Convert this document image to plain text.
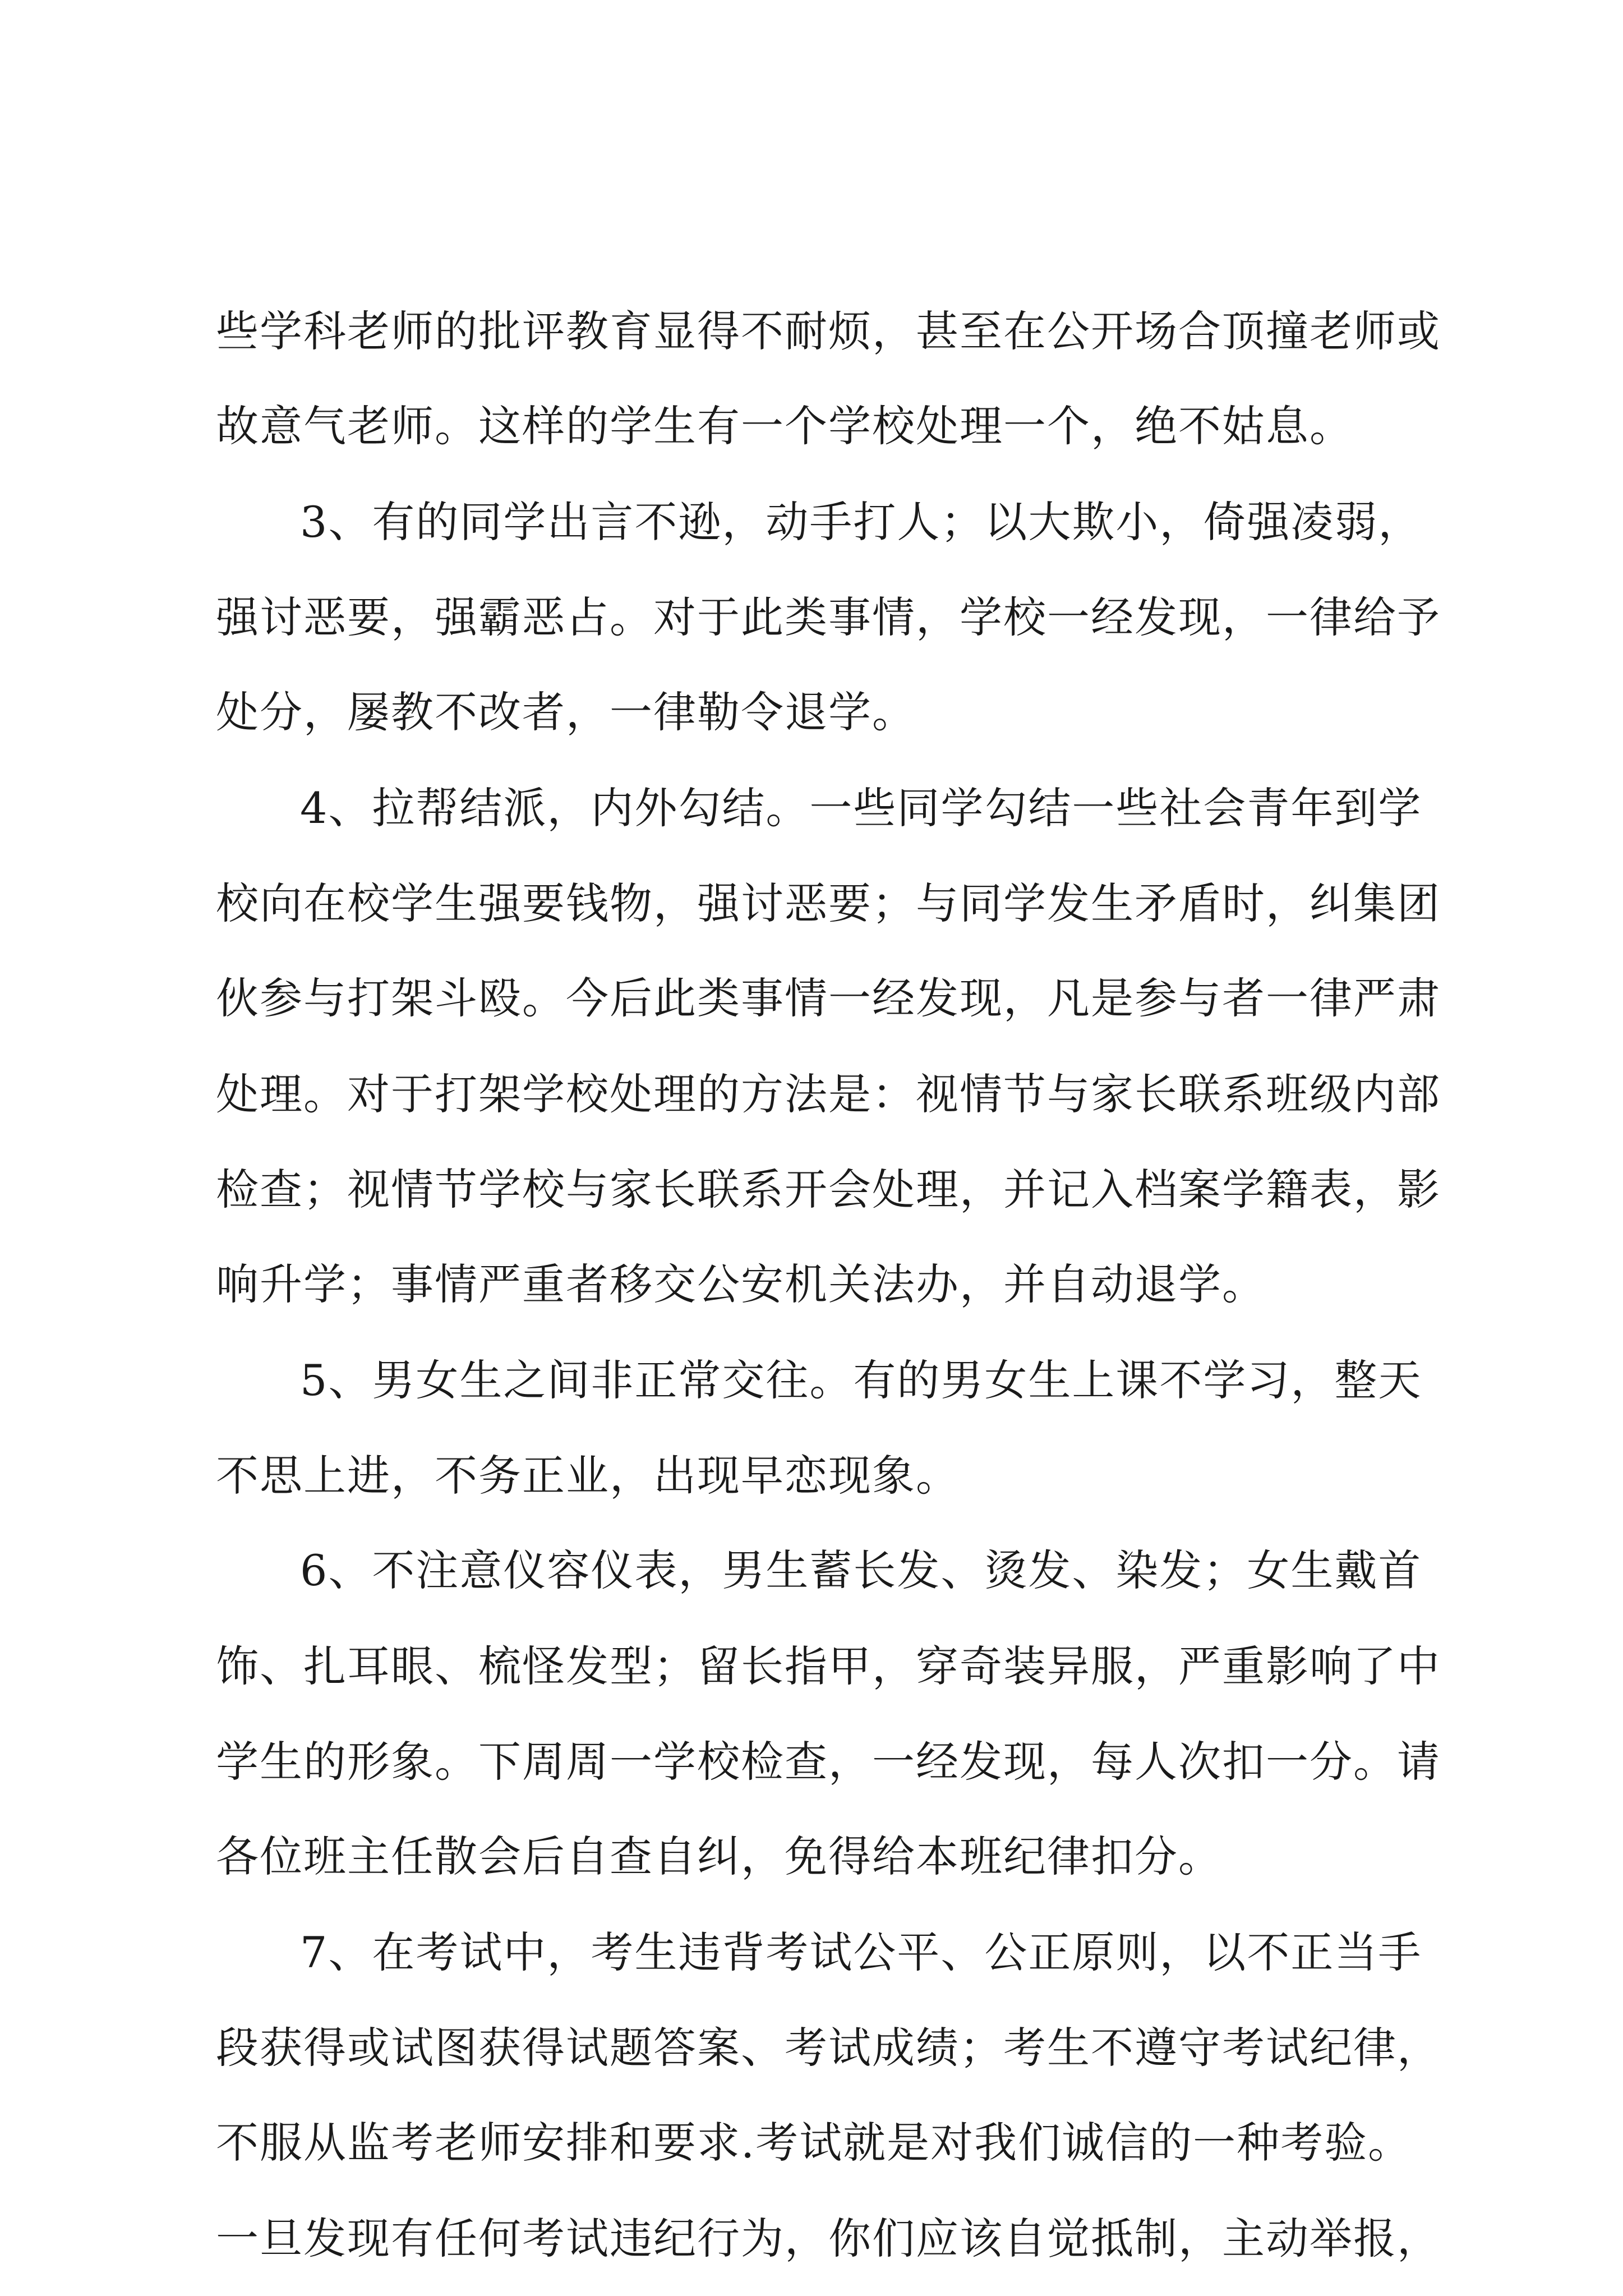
些学科老师的批评教育显得不耐烦，甚至在公开场合顶撞老师或
故意气老师。这样的学生有一个学校处理一个，绝不姑息。
3、有的同学出言不逊，动手打人；以大欺小，倚强凌弱，
强讨恶要，强霸恶占。对于此类事情，学校一经发现，一律给予
处分，屡教不改者，一律勒令退学。
4、拉帮结派，内外勾结。一些同学勾结一些社会青年到学
校向在校学生强要钱物，强讨恶要；与同学发生矛盾时，纠集团
伙参与打架斗殴。今后此类事情一经发现，凡是参与者一律严肃
处理。对于打架学校处理的方法是：视情节与家长联系班级内部
检查；视情节学校与家长联系开会处理，并记入档案学籍表，影
响升学；事情严重者移交公安机关法办，并自动退学。
5、男女生之间非正常交往。有的男女生上课不学习，整天
不思上进，不务正业，出现早恋现象。
6、不注意仪容仪表，男生蓄长发、烫发、染发；女生戴首
饰、扎耳眼、梳怪发型；留长指甲，穿奇装异服，严重影响了中
学生的形象。下周周一学校检查，一经发现，每人次扣一分。请
各位班主任散会后自查自纠，免得给本班纪律扣分。
7、在考试中，考生违背考试公平、公正原则，以不正当手
段获得或试图获得试题答案、考试成绩；考生不遵守考试纪律，
不服从监考老师安排和要求.考试就是对我们诚信的一种考验。
一旦发现有任何考试违纪行为，你们应该自觉抵制，主动举报，
